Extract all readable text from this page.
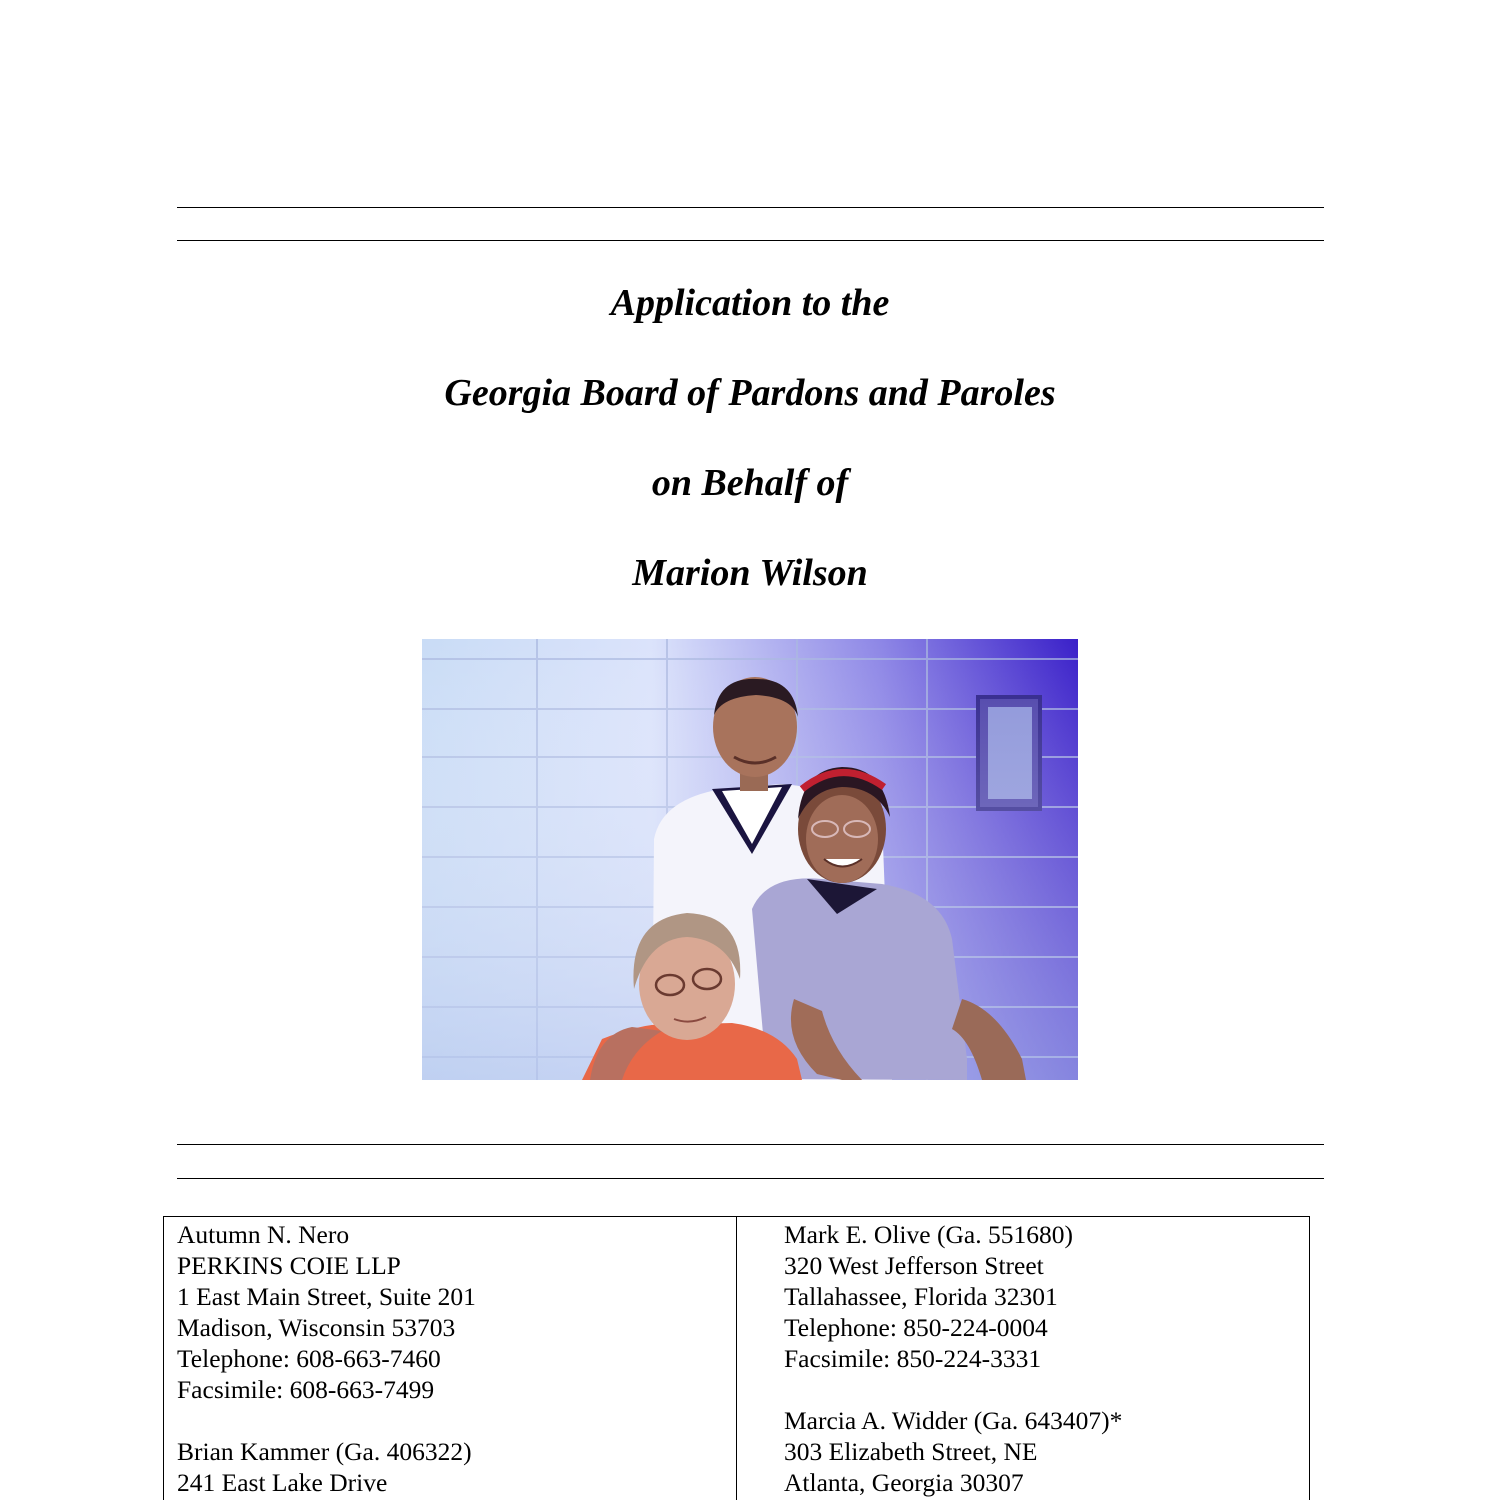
Application to the
Georgia Board of Pardons and Paroles
on Behalf of
Marion Wilson
Autumn N. Nero
PERKINS COIE LLP
1 East Main Street, Suite 201
Madison, Wisconsin 53703
Telephone: 608-663-7460
Facsimile: 608-663-7499
Brian Kammer (Ga. 406322)
241 East Lake Drive
Mark E. Olive (Ga. 551680)
320 West Jefferson Street
Tallahassee, Florida 32301
Telephone: 850-224-0004
Facsimile: 850-224-3331
Marcia A. Widder (Ga. 643407)*
303 Elizabeth Street, NE
Atlanta, Georgia 30307
